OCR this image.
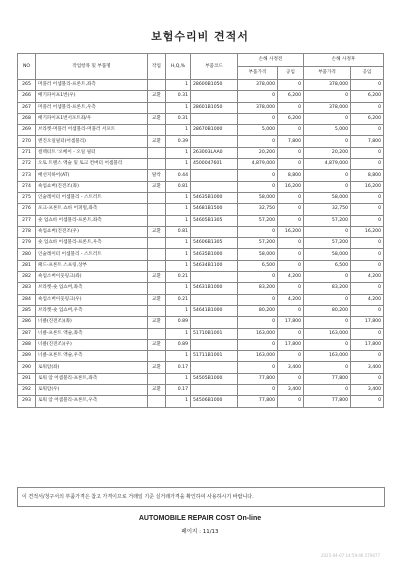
보험수리비 견적서
NO	작업항목 및 부품명	작업	H,Q,%	부품코드	손해 사정전		손해 사정후	
					부품가격	공임	부품가격	공임
265	머플러 어셈블리-프론트,좌측		1	28600B1050	378,000	0	378,000	0
266	배기파이프1번(우)	교환	0.31		0	6,200	0	6,200
267	머플러 어셈블리-프론트,우측		1	28601B1050	378,000	0	378,000	0
268	배기파이프1번서포트좌/우	교환	0.31		0	6,200	0	6,200
269	브라켓-머플러 어셈블리-머플러 서포트		1	28670B1000	5,000	0	5,000	0
270	엔진오일필터(어셈블리)	교환	0.39		0	7,800	0	7,800
271	컬렉터트 '오베이 - 오일 필터		1	263003LAA0	20,200	0	20,200	0
272	오토 트랜스 액슬 및 토크 컨버터 어셈블리		1	4500047601	4,879,000	0	4,879,000	0
273	배선지하어(AT)	탈착	0.44		0	8,800	0	8,800
274	쇽업쇼버(진전조(좌)	교환	0.81		0	16,200	0	16,200
275	인슐레이터 어셈블리 - 스트러트		1	54635B1000	58,000	0	58,000	0
276	포크-프론트 쇼바 어퍼럴,좌측		1	54681B1500	32,750	0	32,750	0
277	숏 업쇼바 어셈블리-프론트,좌측		1	54605B1305	57,200	0	57,200	0
278	쇽업쇼버(진전조(우)	교환	0.81		0	16,200	0	16,200
279	숏 업쇼바 어셈블리-프론트,우측		1	54606B1305	57,200	0	57,200	0
280	인슐레이터 어셈블리 - 스트러트		1	54635B1000	58,000	0	58,000	0
281	패드-프론트 스프링,상부		1	54634B1100	6,500	0	6,500	0
282	쇽업소버이웃링크(좌)	교환	0.21		0	4,200	0	4,200
283	브라켓-숏 업쇼버,좌측		1	54631B1000	83,200	0	83,200	0
284	쇽업소버이웃링크(우)	교환	0.21		0	4,200	0	4,200
285	브라켓-숏 업쇼버,우측		1	54641B1000	80,200	0	80,200	0
286	너클(진전조)(좌)	교환	0.89		0	17,800	0	17,800
287	너클-프론트 액슬,좌측		1	51710B1001	163,000	0	163,000	0
288	너클(진전조)(우)	교환	0.89		0	17,800	0	17,800
289	너클-프론트 액슬,우측		1	51711B1001	163,000	0	163,000	0
290	로워암(좌)	교환	0.17		0	3,400	0	3,400
291	로워 암 어셈블리-프론트,좌측		1	54505B1000	77,800	0	77,800	0
292	로워암(우)	교환	0.17		0	3,400	0	3,400
293	로워 암 어셈블리-프론트,우측		1	54506B1000	77,800	0	77,800	0
이 견적서/청구서의 부품가격은 참고 가격이므로 거래일 기준 실거래가격을 확인하여 사용하시기 바랍니다.
AUTOMOBILE REPAIR COST On-line
페이지 : 11/13
2025-04-07 14:59:46 579477
